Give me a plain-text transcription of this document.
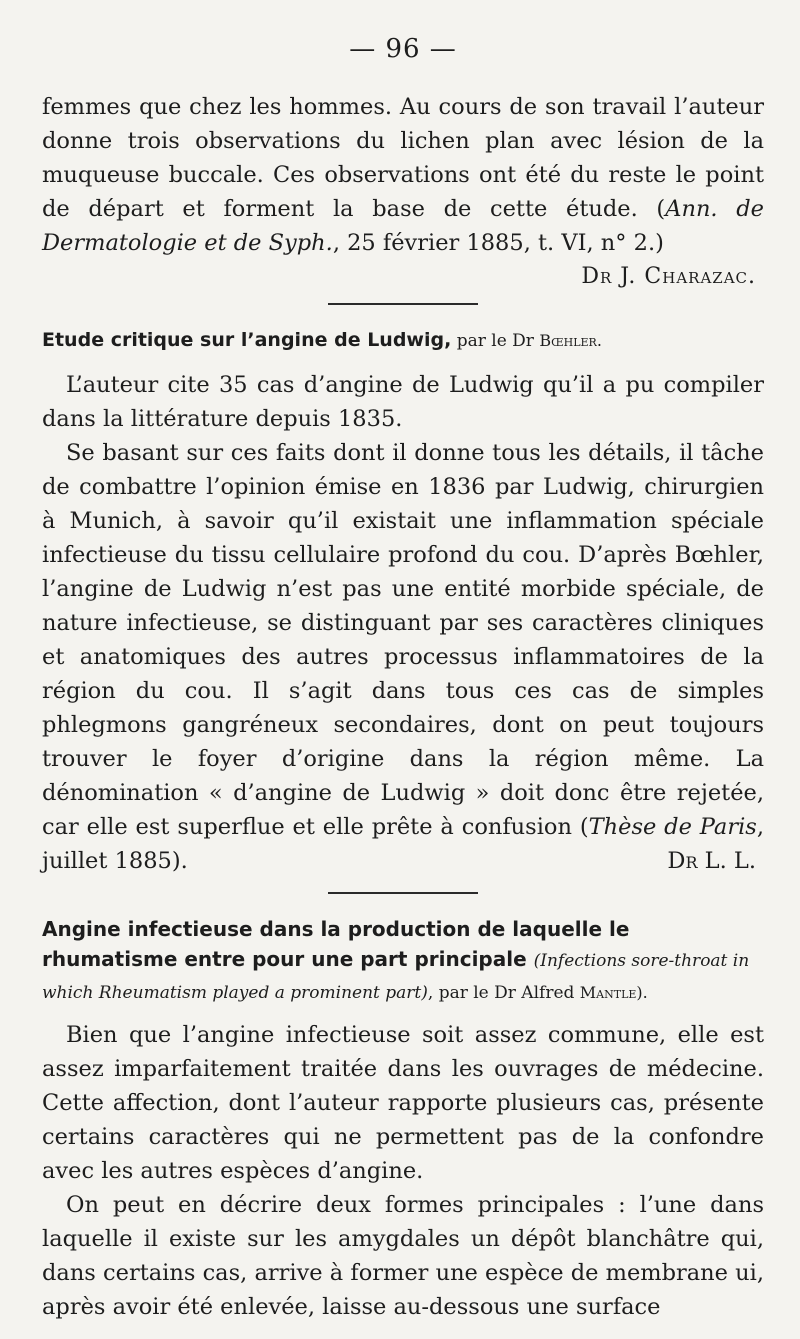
— 96 —

femmes que chez les hommes. Au cours de son travail l’auteur donne trois observations du lichen plan avec lésion de la muqueuse buccale. Ces observations ont été du reste le point de départ et forment la base de cette étude. (Ann. de Dermatologie et de Syph., 25 février 1885, t. VI, n° 2.)

Dr J. Charazac.

Etude critique sur l’angine de Ludwig, par le Dr Bœhler.

L’auteur cite 35 cas d’angine de Ludwig qu’il a pu compiler dans la littérature depuis 1835.

Se basant sur ces faits dont il donne tous les détails, il tâche de combattre l’opinion émise en 1836 par Ludwig, chirurgien à Munich, à savoir qu’il existait une inflammation spéciale infectieuse du tissu cellulaire profond du cou. D’après Bœhler, l’angine de Ludwig n’est pas une entité morbide spéciale, de nature infectieuse, se distinguant par ses caractères cliniques et anatomiques des autres processus inflammatoires de la région du cou. Il s’agit dans tous ces cas de simples phlegmons gangréneux secondaires, dont on peut toujours trouver le foyer d’origine dans la région même. La dénomination « d’angine de Ludwig » doit donc être rejetée, car elle est superflue et elle prête à confusion (Thèse de Paris, juillet 1885).	Dr L. L.

Angine infectieuse dans la production de laquelle le rhumatisme entre pour une part principale (Infections sore-throat in which Rheumatism played a prominent part), par le Dr Alfred Mantle).

Bien que l’angine infectieuse soit assez commune, elle est assez imparfaitement traitée dans les ouvrages de médecine. Cette affection, dont l’auteur rapporte plusieurs cas, présente certains caractères qui ne permettent pas de la confondre avec les autres espèces d’angine.

On peut en décrire deux formes principales : l’une dans laquelle il existe sur les amygdales un dépôt blanchâtre qui, dans certains cas, arrive à former une espèce de membrane ui, après avoir été enlevée, laisse au-dessous une surface
